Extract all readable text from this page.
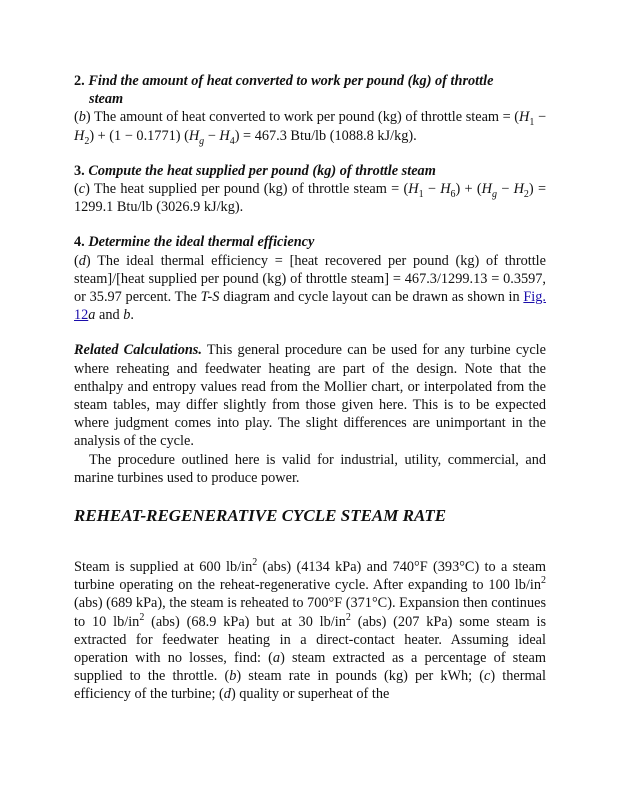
2. Find the amount of heat converted to work per pound (kg) of throttle
steam

(b) The amount of heat converted to work per pound (kg) of throttle steam = $(H_1 - H_2) + (1 - 0.1771) (H_g - H_4) = 467.3$ Btu/lb (1088.8 kJ/kg).

3. Compute the heat supplied per pound (kg) of throttle steam

(c) The heat supplied per pound (kg) of throttle steam = $(H_1 - H_6) + (H_g - H_2) = 1299.1$ Btu/lb (3026.9 kJ/kg).

4. Determine the ideal thermal efficiency

(d) The ideal thermal efficiency = [heat recovered per pound (kg) of throttle steam]/[heat supplied per pound (kg) of throttle steam] = 467.3/1299.13 = 0.3597, or 35.97 percent. The T-S diagram and cycle layout can be drawn as shown in Fig. 12a and b.

Related Calculations. This general procedure can be used for any turbine cycle where reheating and feedwater heating are part of the design. Note that the enthalpy and entropy values read from the Mollier chart, or interpolated from the steam tables, may differ slightly from those given here. This is to be expected where judgment comes into play. The slight differences are unimportant in the analysis of the cycle.

The procedure outlined here is valid for industrial, utility, commercial, and marine turbines used to produce power.

REHEAT-REGENERATIVE CYCLE STEAM RATE

Steam is supplied at 600 $lb/in^2$ (abs) (4134 kPa) and 740°F (393°C) to a steam turbine operating on the reheat-regenerative cycle. After expanding to 100 $lb/in^2$ (abs) (689 kPa), the steam is reheated to 700°F (371°C). Expansion then continues to 10 $lb/in^2$ (abs) (68.9 kPa) but at 30 $lb/in^2$ (abs) (207 kPa) some steam is extracted for feedwater heating in a direct-contact heater. Assuming ideal operation with no losses, find: (a) steam extracted as a percentage of steam supplied to the throttle. (b) steam rate in pounds (kg) per kWh; (c) thermal efficiency of the turbine; (d) quality or superheat of the
